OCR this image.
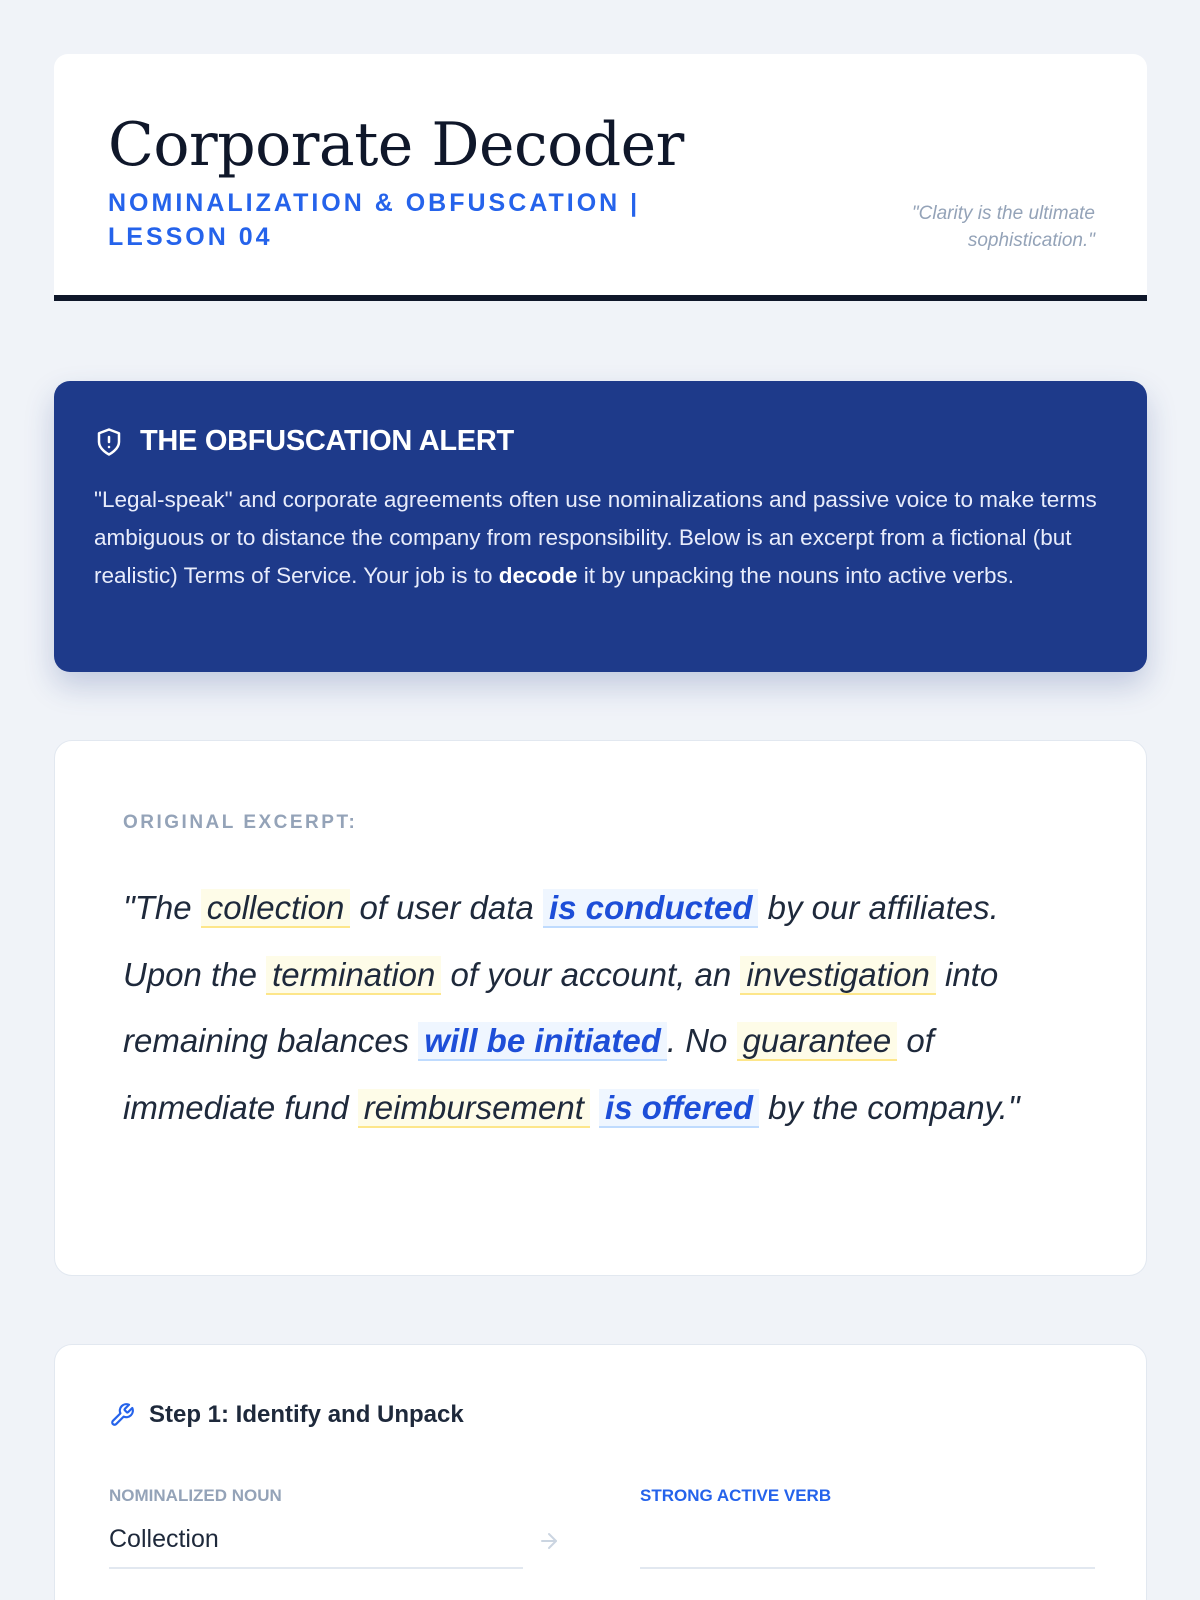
Corporate Decoder
NOMINALIZATION & OBFUSCATION | LESSON 04
"Clarity is the ultimate sophistication."
THE OBFUSCATION ALERT

"Legal-speak" and corporate agreements often use nominalizations and passive voice to make terms ambiguous or to distance the company from responsibility. Below is an excerpt from a fictional (but realistic) Terms of Service. Your job is to decode it by unpacking the nouns into active verbs.

ORIGINAL EXCERPT:

"The collection of user data is conducted by our affiliates. Upon the termination of your account, an investigation into remaining balances will be initiated . No guarantee of immediate fund reimbursement is offered by the company."

Step 1: Identify and Unpack
NOMINALIZED NOUN
Collection	STRONG ACTIVE VERB
